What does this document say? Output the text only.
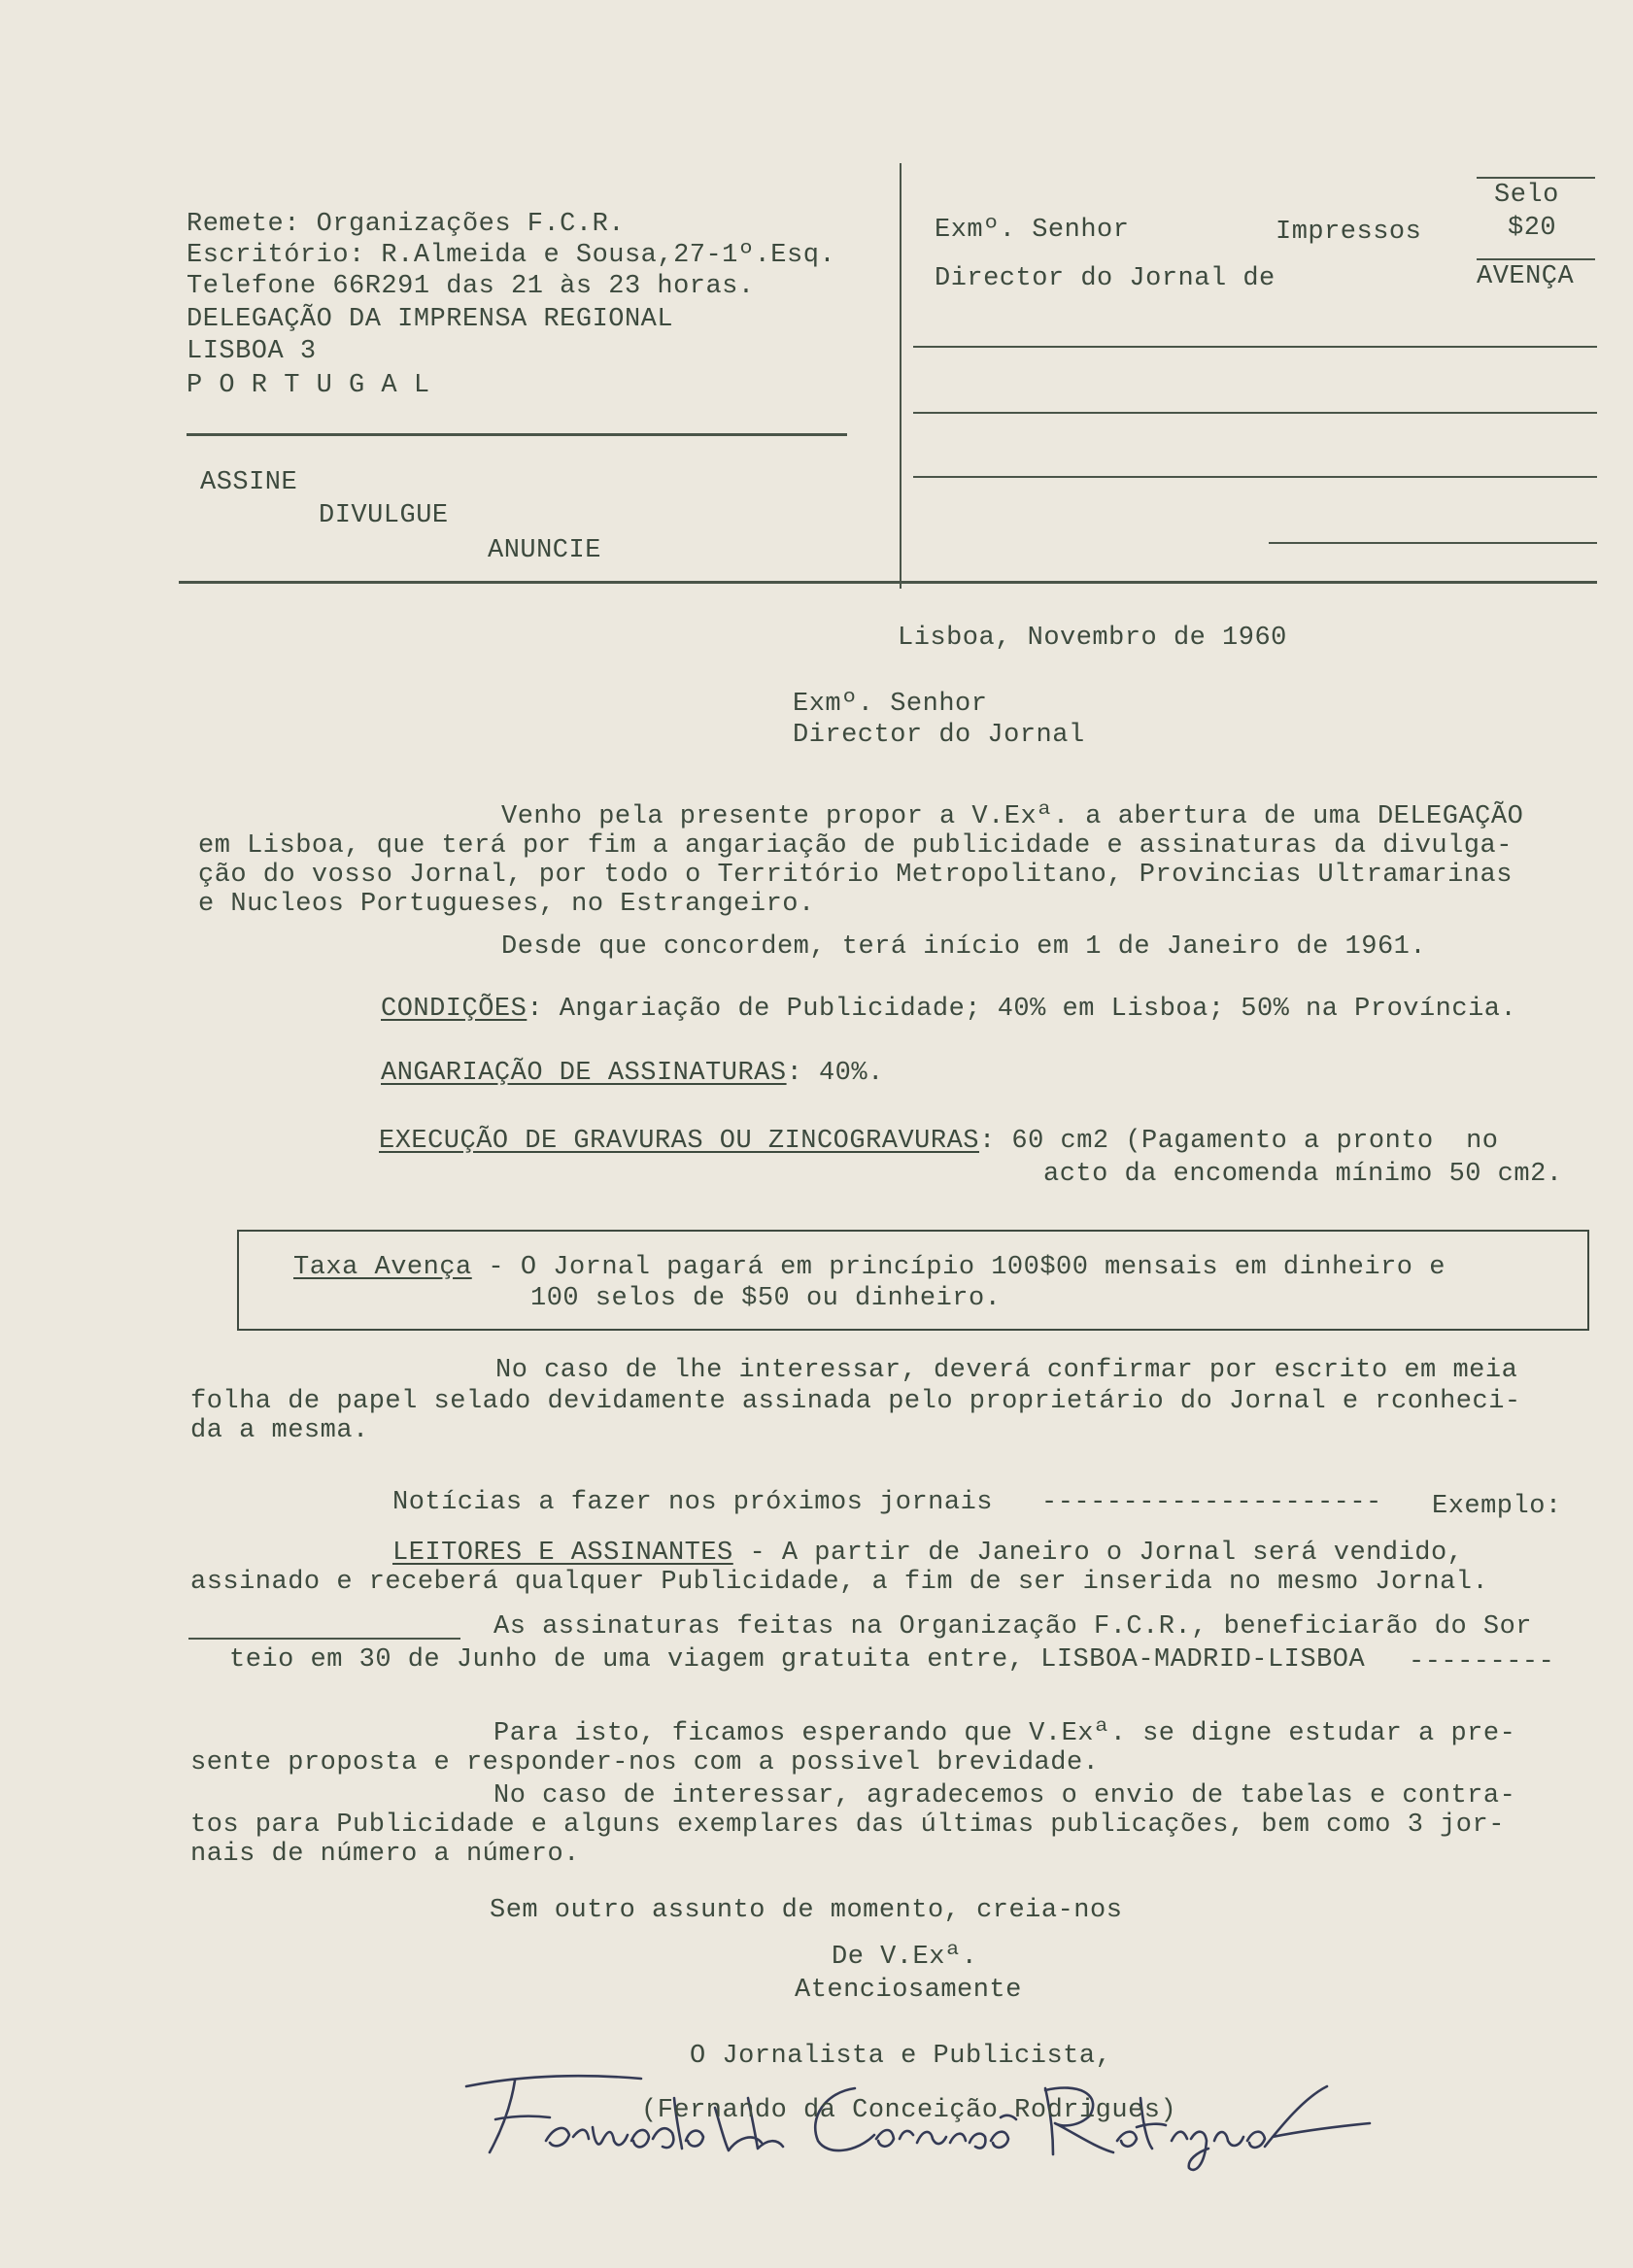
Remete: Organizações F.C.R.
Escritório: R.Almeida e Sousa,27-1º.Esq.
Telefone 66R291 das 21 às 23 horas.
DELEGAÇÃO DA IMPRENSA REGIONAL
LISBOA 3
P O R T U G A L
ASSINE
DIVULGUE
ANUNCIE
Exmº. Senhor	Impressos
Director do Jornal de
Selo
$20
AVENÇA
Lisboa, Novembro de 1960
Exmº. Senhor
Director do Jornal
Venho pela presente propor a V.Exª. a abertura de uma DELEGAÇÃO
em Lisboa, que terá por fim a angariação de publicidade e assinaturas da divulga-
ção do vosso Jornal, por todo o Território Metropolitano, Provincias Ultramarinas
e Nucleos Portugueses, no Estrangeiro.
Desde que concordem, terá início em 1 de Janeiro de 1961.
CONDIÇÕES: Angariação de Publicidade; 40% em Lisboa; 50% na Província.
ANGARIAÇÃO DE ASSINATURAS: 40%.
EXECUÇÃO DE GRAVURAS OU ZINCOGRAVURAS: 60 cm2 (Pagamento a pronto  no
acto da encomenda mínimo 50 cm2.
Taxa Avença - O Jornal pagará em princípio 100$00 mensais em dinheiro e
100 selos de $50 ou dinheiro.
No caso de lhe interessar, deverá confirmar por escrito em meia
folha de papel selado devidamente assinada pelo proprietário do Jornal e rconheci-
da a mesma.
Notícias a fazer nos próximos jornais --------------------- Exemplo:
LEITORES E ASSINANTES - A partir de Janeiro o Jornal será vendido,
assinado e receberá qualquer Publicidade, a fim de ser inserida no mesmo Jornal.
As assinaturas feitas na Organização F.C.R., beneficiarão do Sor
teio em 30 de Junho de uma viagem gratuita entre, LISBOA-MADRID-LISBOA ---------
Para isto, ficamos esperando que V.Exª. se digne estudar a pre-
sente proposta e responder-nos com a possivel brevidade.
No caso de interessar, agradecemos o envio de tabelas e contra-
tos para Publicidade e alguns exemplares das últimas publicações, bem como 3 jor-
nais de número a número.
Sem outro assunto de momento, creia-nos
De V.Exª.
Atenciosamente
O Jornalista e Publicista,
(Fernando da Conceição Rodrigues)
